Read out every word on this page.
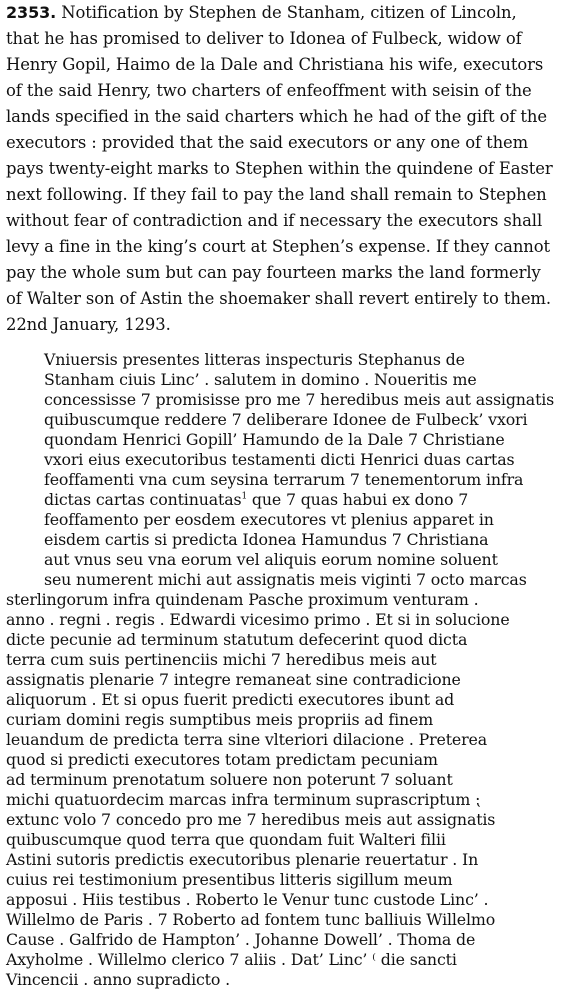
2353. Notification by Stephen de Stanham, citizen of Lincoln,
that he has promised to deliver to Idonea of Fulbeck, widow of
Henry Gopil, Haimo de la Dale and Christiana his wife, executors
of the said Henry, two charters of enfeoffment with seisin of the
lands specified in the said charters which he had of the gift of the
executors : provided that the said executors or any one of them
pays twenty-eight marks to Stephen within the quindene of Easter
next following. If they fail to pay the land shall remain to Stephen
without fear of contradiction and if necessary the executors shall
levy a fine in the king’s court at Stephen’s expense. If they cannot
pay the whole sum but can pay fourteen marks the land formerly
of Walter son of Astin the shoemaker shall revert entirely to them.
22nd January, 1293.
Vniuersis presentes litteras inspecturis Stephanus de
Stanham ciuis Linc’ . salutem in domino . Noueritis me
concessisse 7 promisisse pro me 7 heredibus meis aut assignatis
quibuscumque reddere 7 deliberare Idonee de Fulbeck’ vxori
quondam Henrici Gopill’ Hamundo de la Dale 7 Christiane
vxori eius executoribus testamenti dicti Henrici duas cartas
feoffamenti vna cum seysina terrarum 7 tenementorum infra
dictas cartas continuatas$^1$ que 7 quas habui ex dono 7
feoffamento per eosdem executores vt plenius apparet in
eisdem cartis si predicta Idonea Hamundus 7 Christiana
aut vnus seu vna eorum vel aliquis eorum nomine soluent
seu numerent michi aut assignatis meis viginti 7 octo marcas
sterlingorum infra quindenam Pasche proximum venturam .
anno . regni . regis . Edwardi vicesimo primo . Et si in solucione
dicte pecunie ad terminum statutum defecerint quod dicta
terra cum suis pertinenciis michi 7 heredibus meis aut
assignatis plenarie 7 integre remaneat sine contradicione
aliquorum . Et si opus fuerit predicti executores ibunt ad
curiam domini regis sumptibus meis propriis ad finem
leuandum de predicta terra sine vlteriori dilacione . Preterea
quod si predicti executores totam predictam pecuniam
ad terminum prenotatum soluere non poterunt 7 soluant
michi quatuordecim marcas infra terminum suprascriptum ⁏
extunc volo 7 concedo pro me 7 heredibus meis aut assignatis
quibuscumque quod terra que quondam fuit Walteri filii
Astini sutoris predictis executoribus plenarie reuertatur . In
cuius rei testimonium presentibus litteris sigillum meum
apposui . Hiis testibus . Roberto le Venur tunc custode Linc’ .
Willelmo de Paris . 7 Roberto ad fontem tunc balliuis Willelmo
Cause . Galfrido de Hampton’ . Johanne Dowell’ . Thoma de
Axyholme . Willelmo clerico 7 aliis . Dat’ Linc’ ⁽ die sancti
Vincencii . anno supradicto .
